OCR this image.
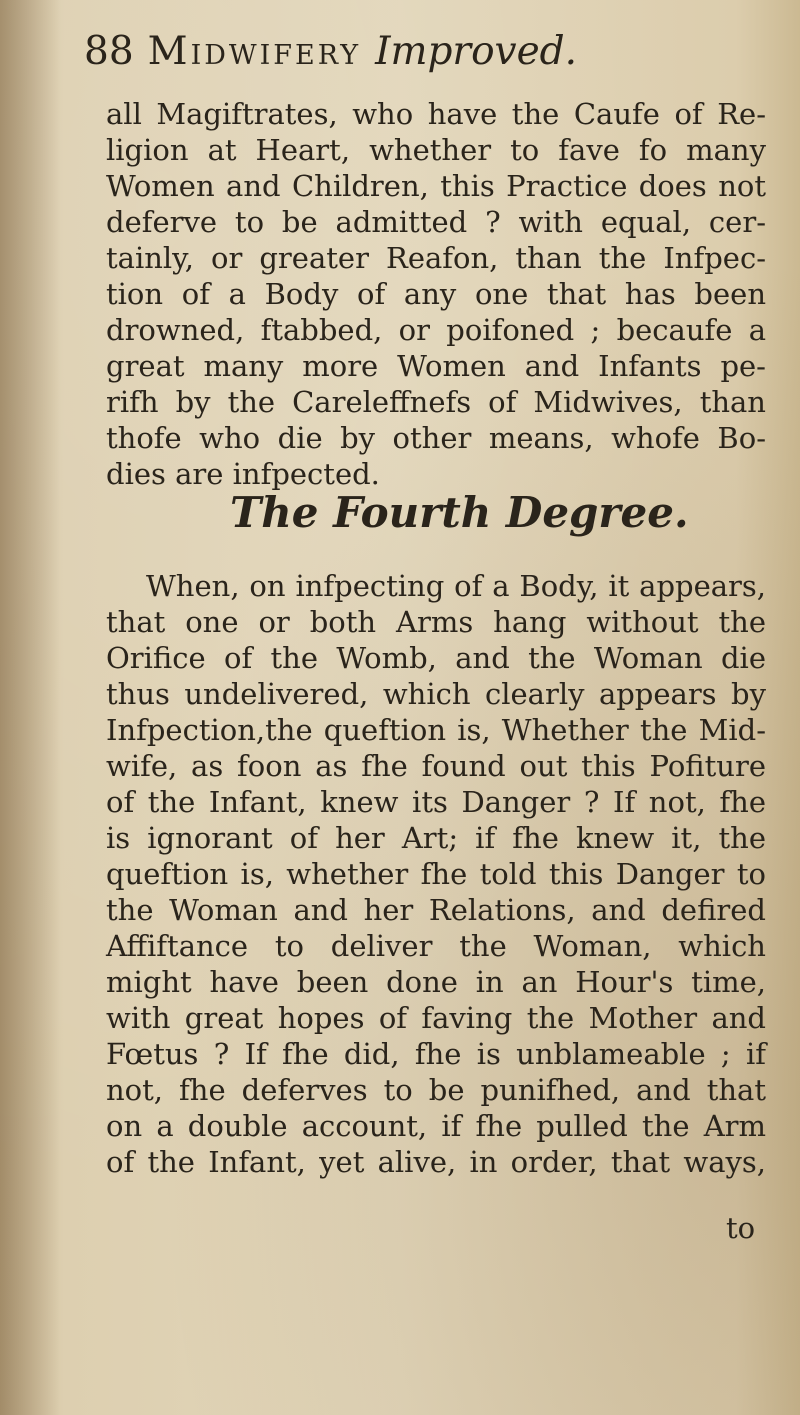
88 Midwifery Improved.

all Magiftrates, who have the Caufe of Re-
ligion at Heart, whether to fave fo many
Women and Children, this Practice does not
deferve to be admitted ? with equal, cer-
tainly, or greater Reafon, than the Infpec-
tion of a Body of any one that has been
drowned, ftabbed, or poifoned ; becaufe a
great many more Women and Infants pe-
rifh by the Careleffnefs of Midwives, than
thofe who die by other means, whofe Bo-
dies are infpected.

The Fourth Degree.

When, on infpecting of a Body, it appears,
that one or both Arms hang without the
Orifice of the Womb, and the Woman die
thus undelivered, which clearly appears by
Infpection,the queftion is, Whether the Mid-
wife, as foon as fhe found out this Pofiture
of the Infant, knew its Danger ? If not, fhe
is ignorant of her Art; if fhe knew it, the
queftion is, whether fhe told this Danger to
the Woman and her Relations, and defired
Affiftance to deliver the Woman, which
might have been done in an Hour's time,
with great hopes of faving the Mother and
Fœtus ? If fhe did, fhe is unblameable ; if
not, fhe deferves to be punifhed, and that
on a double account, if fhe pulled the Arm
of the Infant, yet alive, in order, that ways,

to
